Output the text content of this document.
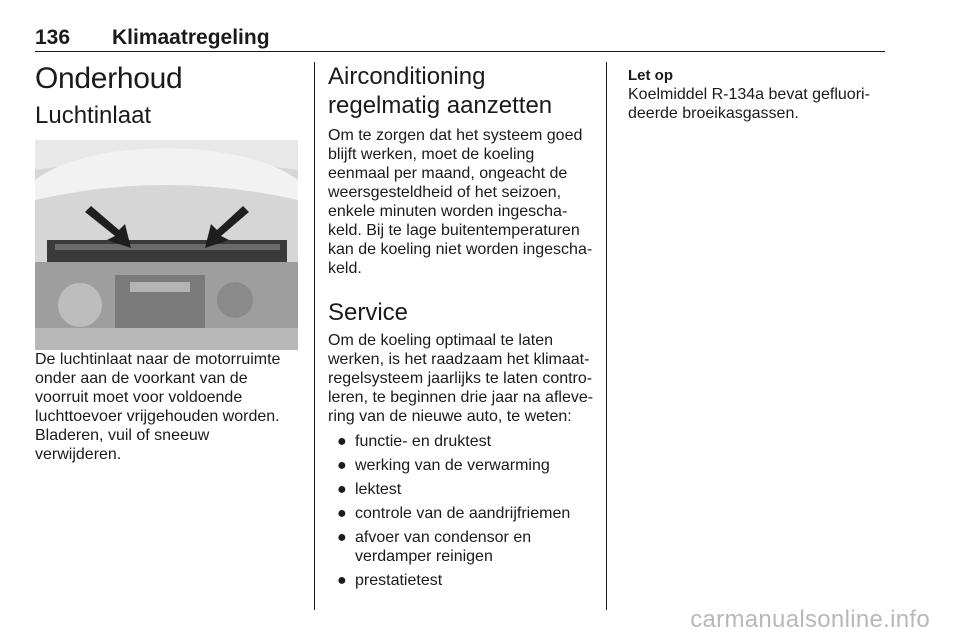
136 Klimaatregeling
Onderhoud
Luchtinlaat

De luchtinlaat naar de motorruimte onder aan de voorkant van de voorruit moet voor voldoende luchttoevoer vrijgehouden worden. Bladeren, vuil of sneeuw verwijderen.

Airconditioning regelmatig aanzetten

Om te zorgen dat het systeem goed blijft werken, moet de koeling eenmaal per maand, ongeacht de weersgesteldheid of het seizoen, enkele minuten worden ingeschakeld. Bij te lage buitentemperaturen kan de koeling niet worden ingeschakeld.

Service

Om de koeling optimaal te laten werken, is het raadzaam het klimaatregelsysteem jaarlijks te laten controleren, te beginnen drie jaar na aflevering van de nieuwe auto, te weten:

● functie- en druktest
● werking van de verwarming
● lektest
● controle van de aandrijfriemen
● afvoer van condensor en verdamper reinigen
● prestatietest
Let op

Koelmiddel R-134a bevat gefluorideerde broeikasgassen.

carmanualsonline.info
